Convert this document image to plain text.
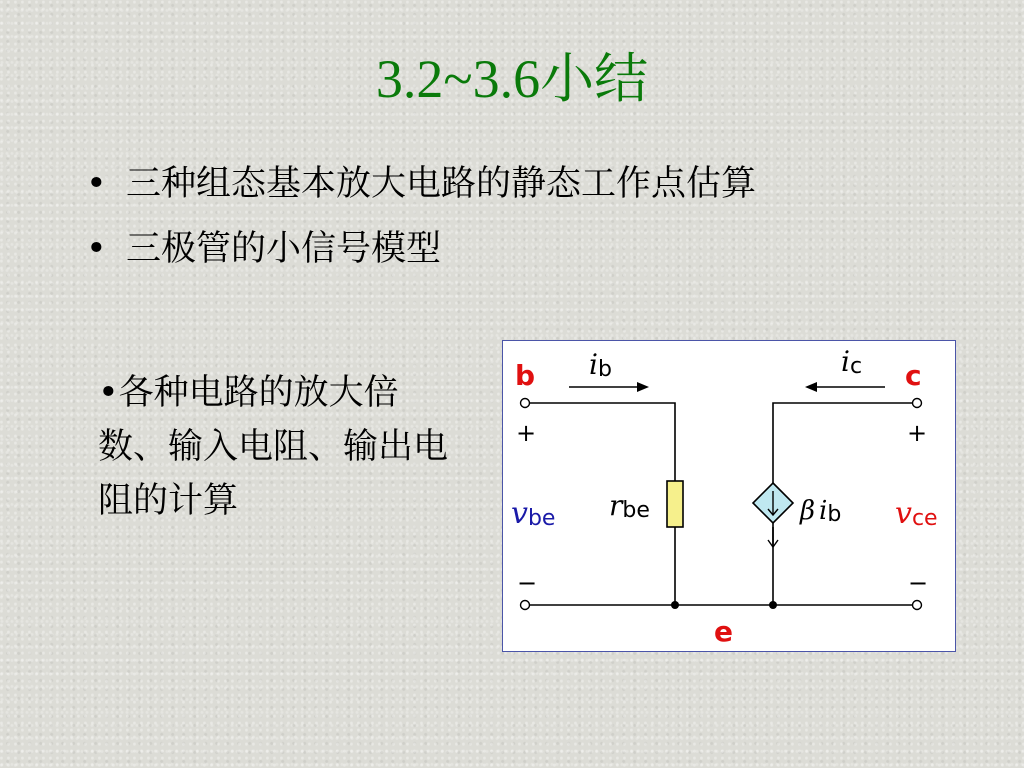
3.2~3.6小结
• 三种组态基本放大电路的静态工作点估算
• 三极管的小信号模型
•各种电路的放大倍数、输入电阻、输出电阻的计算
b	c
e
ib	ic
rbe	β ib
vbe	vce
+	+
−	−
